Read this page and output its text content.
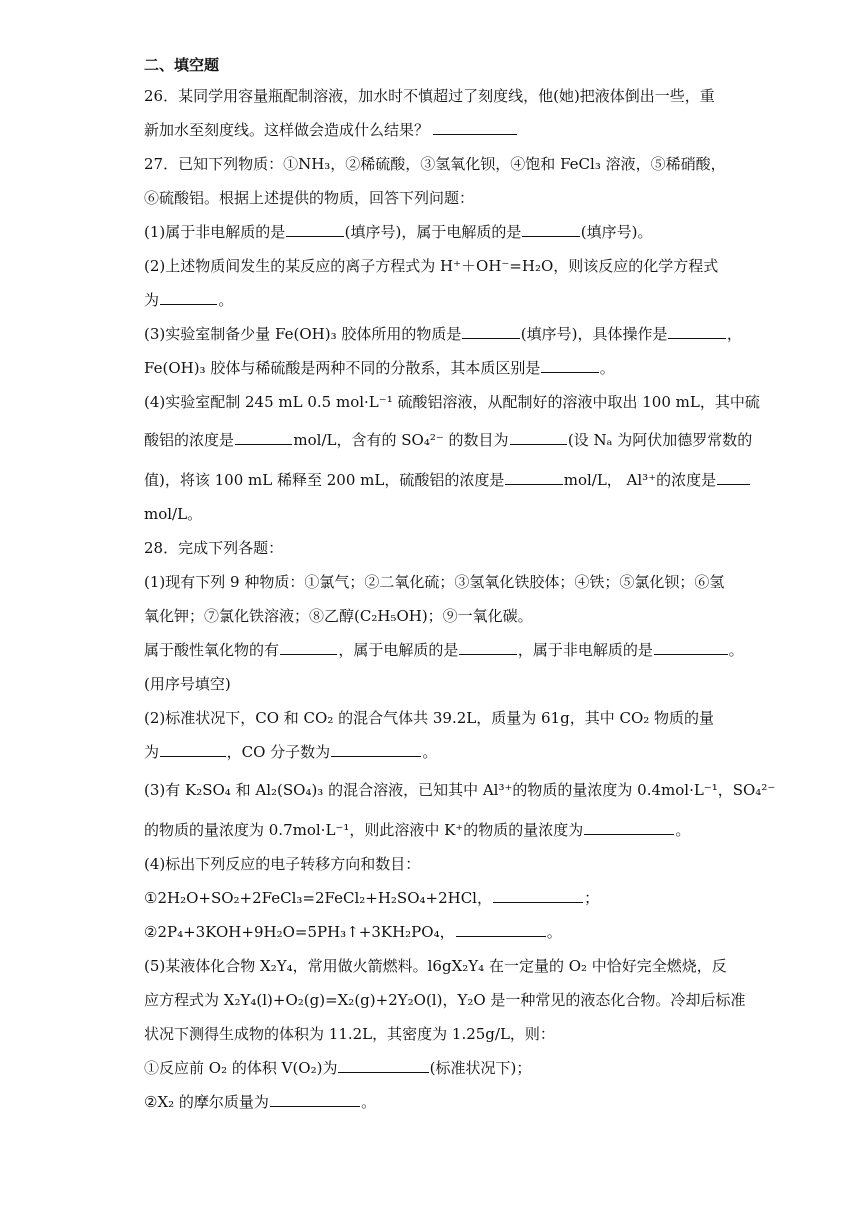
二、填空题
26．某同学用容量瓶配制溶液，加水时不慎超过了刻度线，他(她)把液体倒出一些，重
新加水至刻度线。这样做会造成什么结果？
27．已知下列物质：①NH₃，②稀硫酸，③氢氧化钡，④饱和 FeCl₃ 溶液，⑤稀硝酸，
⑥硫酸铝。根据上述提供的物质，回答下列问题：
(1)属于非电解质的是	(填序号)，属于电解质的是	(填序号)。
(2)上述物质间发生的某反应的离子方程式为 H⁺＋OH⁻=H₂O，则该反应的化学方程式
为	。
(3)实验室制备少量 Fe(OH)₃ 胶体所用的物质是	(填序号)，具体操作是	，
Fe(OH)₃ 胶体与稀硫酸是两种不同的分散系，其本质区别是	。
(4)实验室配制 245 mL 0.5 mol·L⁻¹ 硫酸铝溶液，从配制好的溶液中取出 100 mL，其中硫
酸铝的浓度是	mol/L，含有的 SO₄²⁻ 的数目为	(设 Nₐ 为阿伏加德罗常数的
值)，将该 100 mL 稀释至 200 mL，硫酸铝的浓度是	mol/L， Al³⁺的浓度是
mol/L。
28．完成下列各题：
(1)现有下列 9 种物质：①氯气；②二氧化硫；③氢氧化铁胶体；④铁；⑤氯化钡；⑥氢
氧化钾；⑦氯化铁溶液；⑧乙醇(C₂H₅OH)；⑨一氧化碳。
属于酸性氧化物的有	，属于电解质的是	，属于非电解质的是	。
(用序号填空)
(2)标准状况下，CO 和 CO₂ 的混合气体共 39.2L，质量为 61g，其中 CO₂ 物质的量
为	，CO 分子数为	。
(3)有 K₂SO₄ 和 Al₂(SO₄)₃ 的混合溶液，已知其中 Al³⁺的物质的量浓度为 0.4mol·L⁻¹，SO₄²⁻
的物质的量浓度为 0.7mol·L⁻¹，则此溶液中 K⁺的物质的量浓度为	。
(4)标出下列反应的电子转移方向和数目：
①2H₂O+SO₂+2FeCl₃=2FeCl₂+H₂SO₄+2HCl，	；
②2P₄+3KOH+9H₂O=5PH₃↑+3KH₂PO₄，	。
(5)某液体化合物 X₂Y₄，常用做火箭燃料。l6gX₂Y₄ 在一定量的 O₂ 中恰好完全燃烧，反
应方程式为 X₂Y₄(l)+O₂(g)=X₂(g)+2Y₂O(l)，Y₂O 是一种常见的液态化合物。冷却后标准
状况下测得生成物的体积为 11.2L，其密度为 1.25g/L，则：
①反应前 O₂ 的体积 V(O₂)为	(标准状况下)；
②X₂ 的摩尔质量为	。
